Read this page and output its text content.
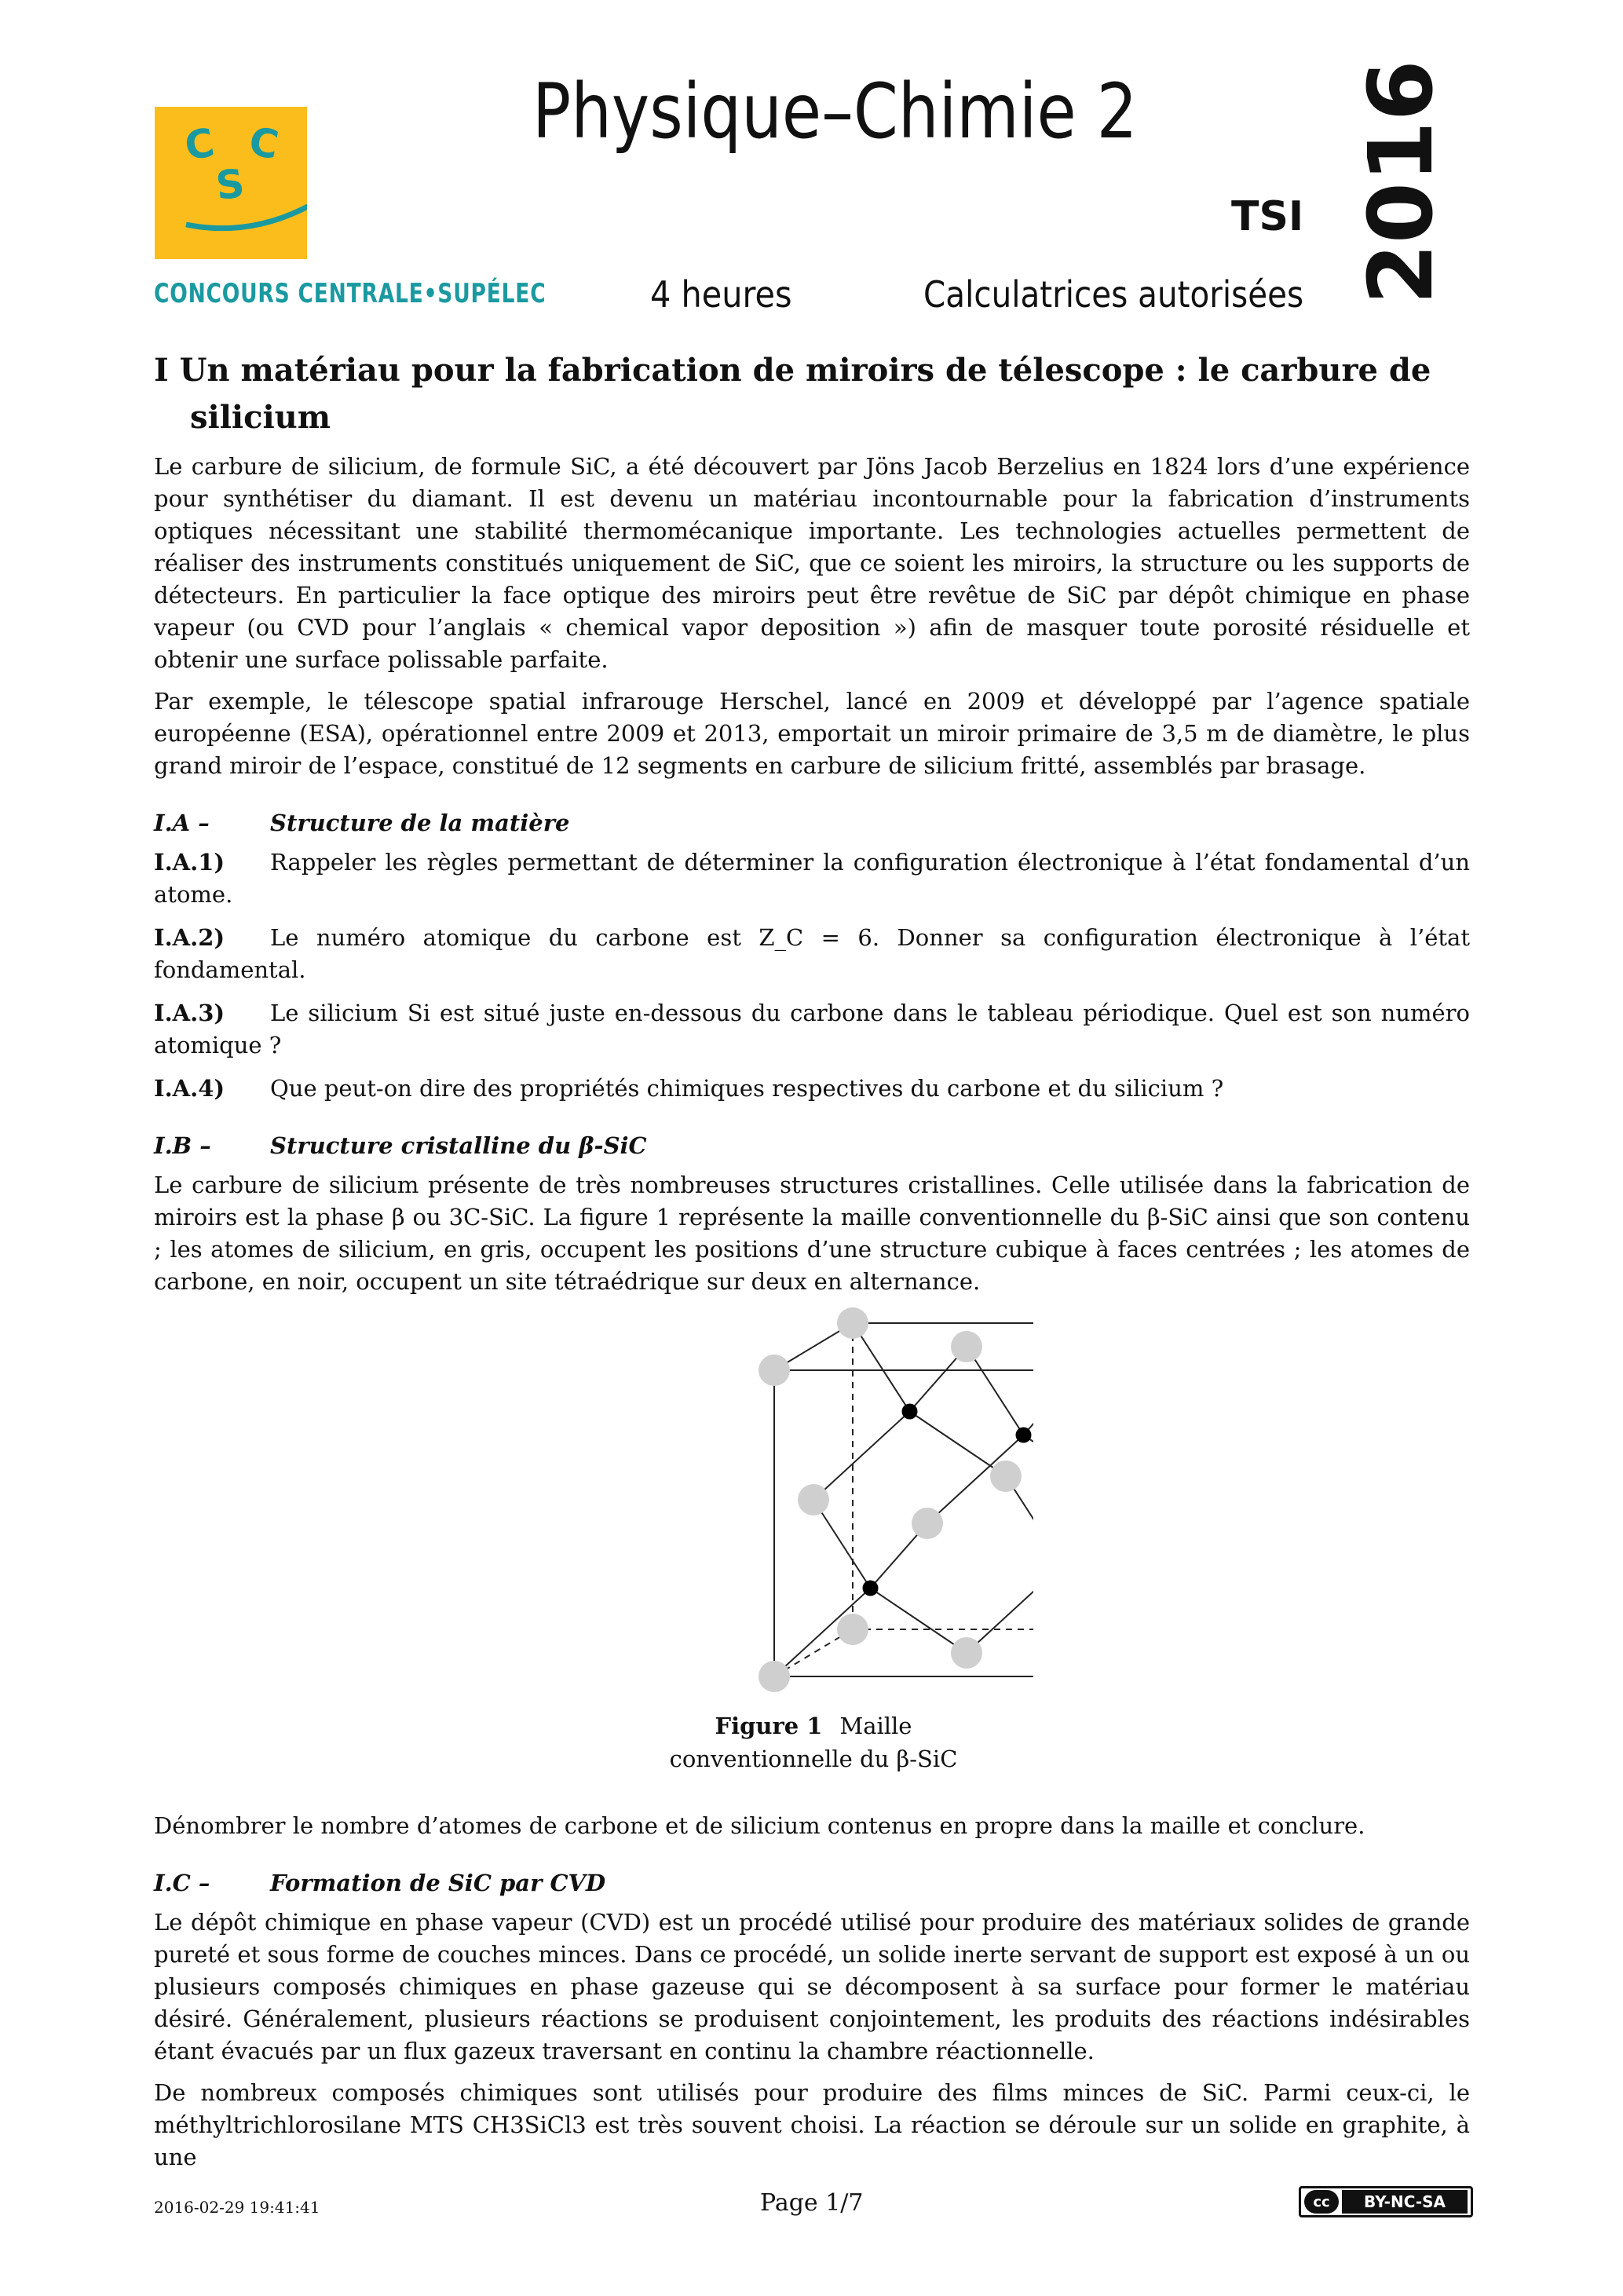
C C
S
CONCOURS CENTRALE•SUPÉLEC
Physique–Chimie 2
TSI
4 heures	Calculatrices autorisées 2016
I Un matériau pour la fabrication de miroirs de télescope : le carbure de silicium

Le carbure de silicium, de formule SiC, a été découvert par Jöns Jacob Berzelius en 1824 lors d’une expérience pour synthétiser du diamant. Il est devenu un matériau incontournable pour la fabrication d’instruments optiques nécessitant une stabilité thermomécanique importante. Les technologies actuelles permettent de réaliser des instruments constitués uniquement de SiC, que ce soient les miroirs, la structure ou les supports de détecteurs. En particulier la face optique des miroirs peut être revêtue de SiC par dépôt chimique en phase vapeur (ou CVD pour l’anglais « chemical vapor deposition ») afin de masquer toute porosité résiduelle et obtenir une surface polissable parfaite.

Par exemple, le télescope spatial infrarouge Herschel, lancé en 2009 et développé par l’agence spatiale européenne (ESA), opérationnel entre 2009 et 2013, emportait un miroir primaire de 3,5 m de diamètre, le plus grand miroir de l’espace, constitué de 12 segments en carbure de silicium fritté, assemblés par brasage.

I.A –	Structure de la matière
I.A.1) Rappeler les règles permettant de déterminer la configuration électronique à l’état fondamental d’un atome.
I.A.2) Le numéro atomique du carbone est Z_C = 6. Donner sa configuration électronique à l’état fondamental.
I.A.3) Le silicium Si est situé juste en-dessous du carbone dans le tableau périodique. Quel est son numéro atomique ?
I.A.4) Que peut-on dire des propriétés chimiques respectives du carbone et du silicium ?
I.B –	Structure cristalline du β-SiC

Le carbure de silicium présente de très nombreuses structures cristallines. Celle utilisée dans la fabrication de miroirs est la phase β ou 3C-SiC. La figure 1 représente la maille conventionnelle du β-SiC ainsi que son contenu ; les atomes de silicium, en gris, occupent les positions d’une structure cubique à faces centrées ; les atomes de carbone, en noir, occupent un site tétraédrique sur deux en alternance.

Figure 1 Maille conventionnelle du β-SiC

Dénombrer le nombre d’atomes de carbone et de silicium contenus en propre dans la maille et conclure.

I.C –	Formation de SiC par CVD

Le dépôt chimique en phase vapeur (CVD) est un procédé utilisé pour produire des matériaux solides de grande pureté et sous forme de couches minces. Dans ce procédé, un solide inerte servant de support est exposé à un ou plusieurs composés chimiques en phase gazeuse qui se décomposent à sa surface pour former le matériau désiré. Généralement, plusieurs réactions se produisent conjointement, les produits des réactions indésirables étant évacués par un flux gazeux traversant en continu la chambre réactionnelle.

De nombreux composés chimiques sont utilisés pour produire des films minces de SiC. Parmi ceux-ci, le méthyltrichlorosilane MTS CH3SiCl3 est très souvent choisi. La réaction se déroule sur un solide en graphite, à une

2016-02-29 19:41:41	Page 1/7	cc	BY-NC-SA
